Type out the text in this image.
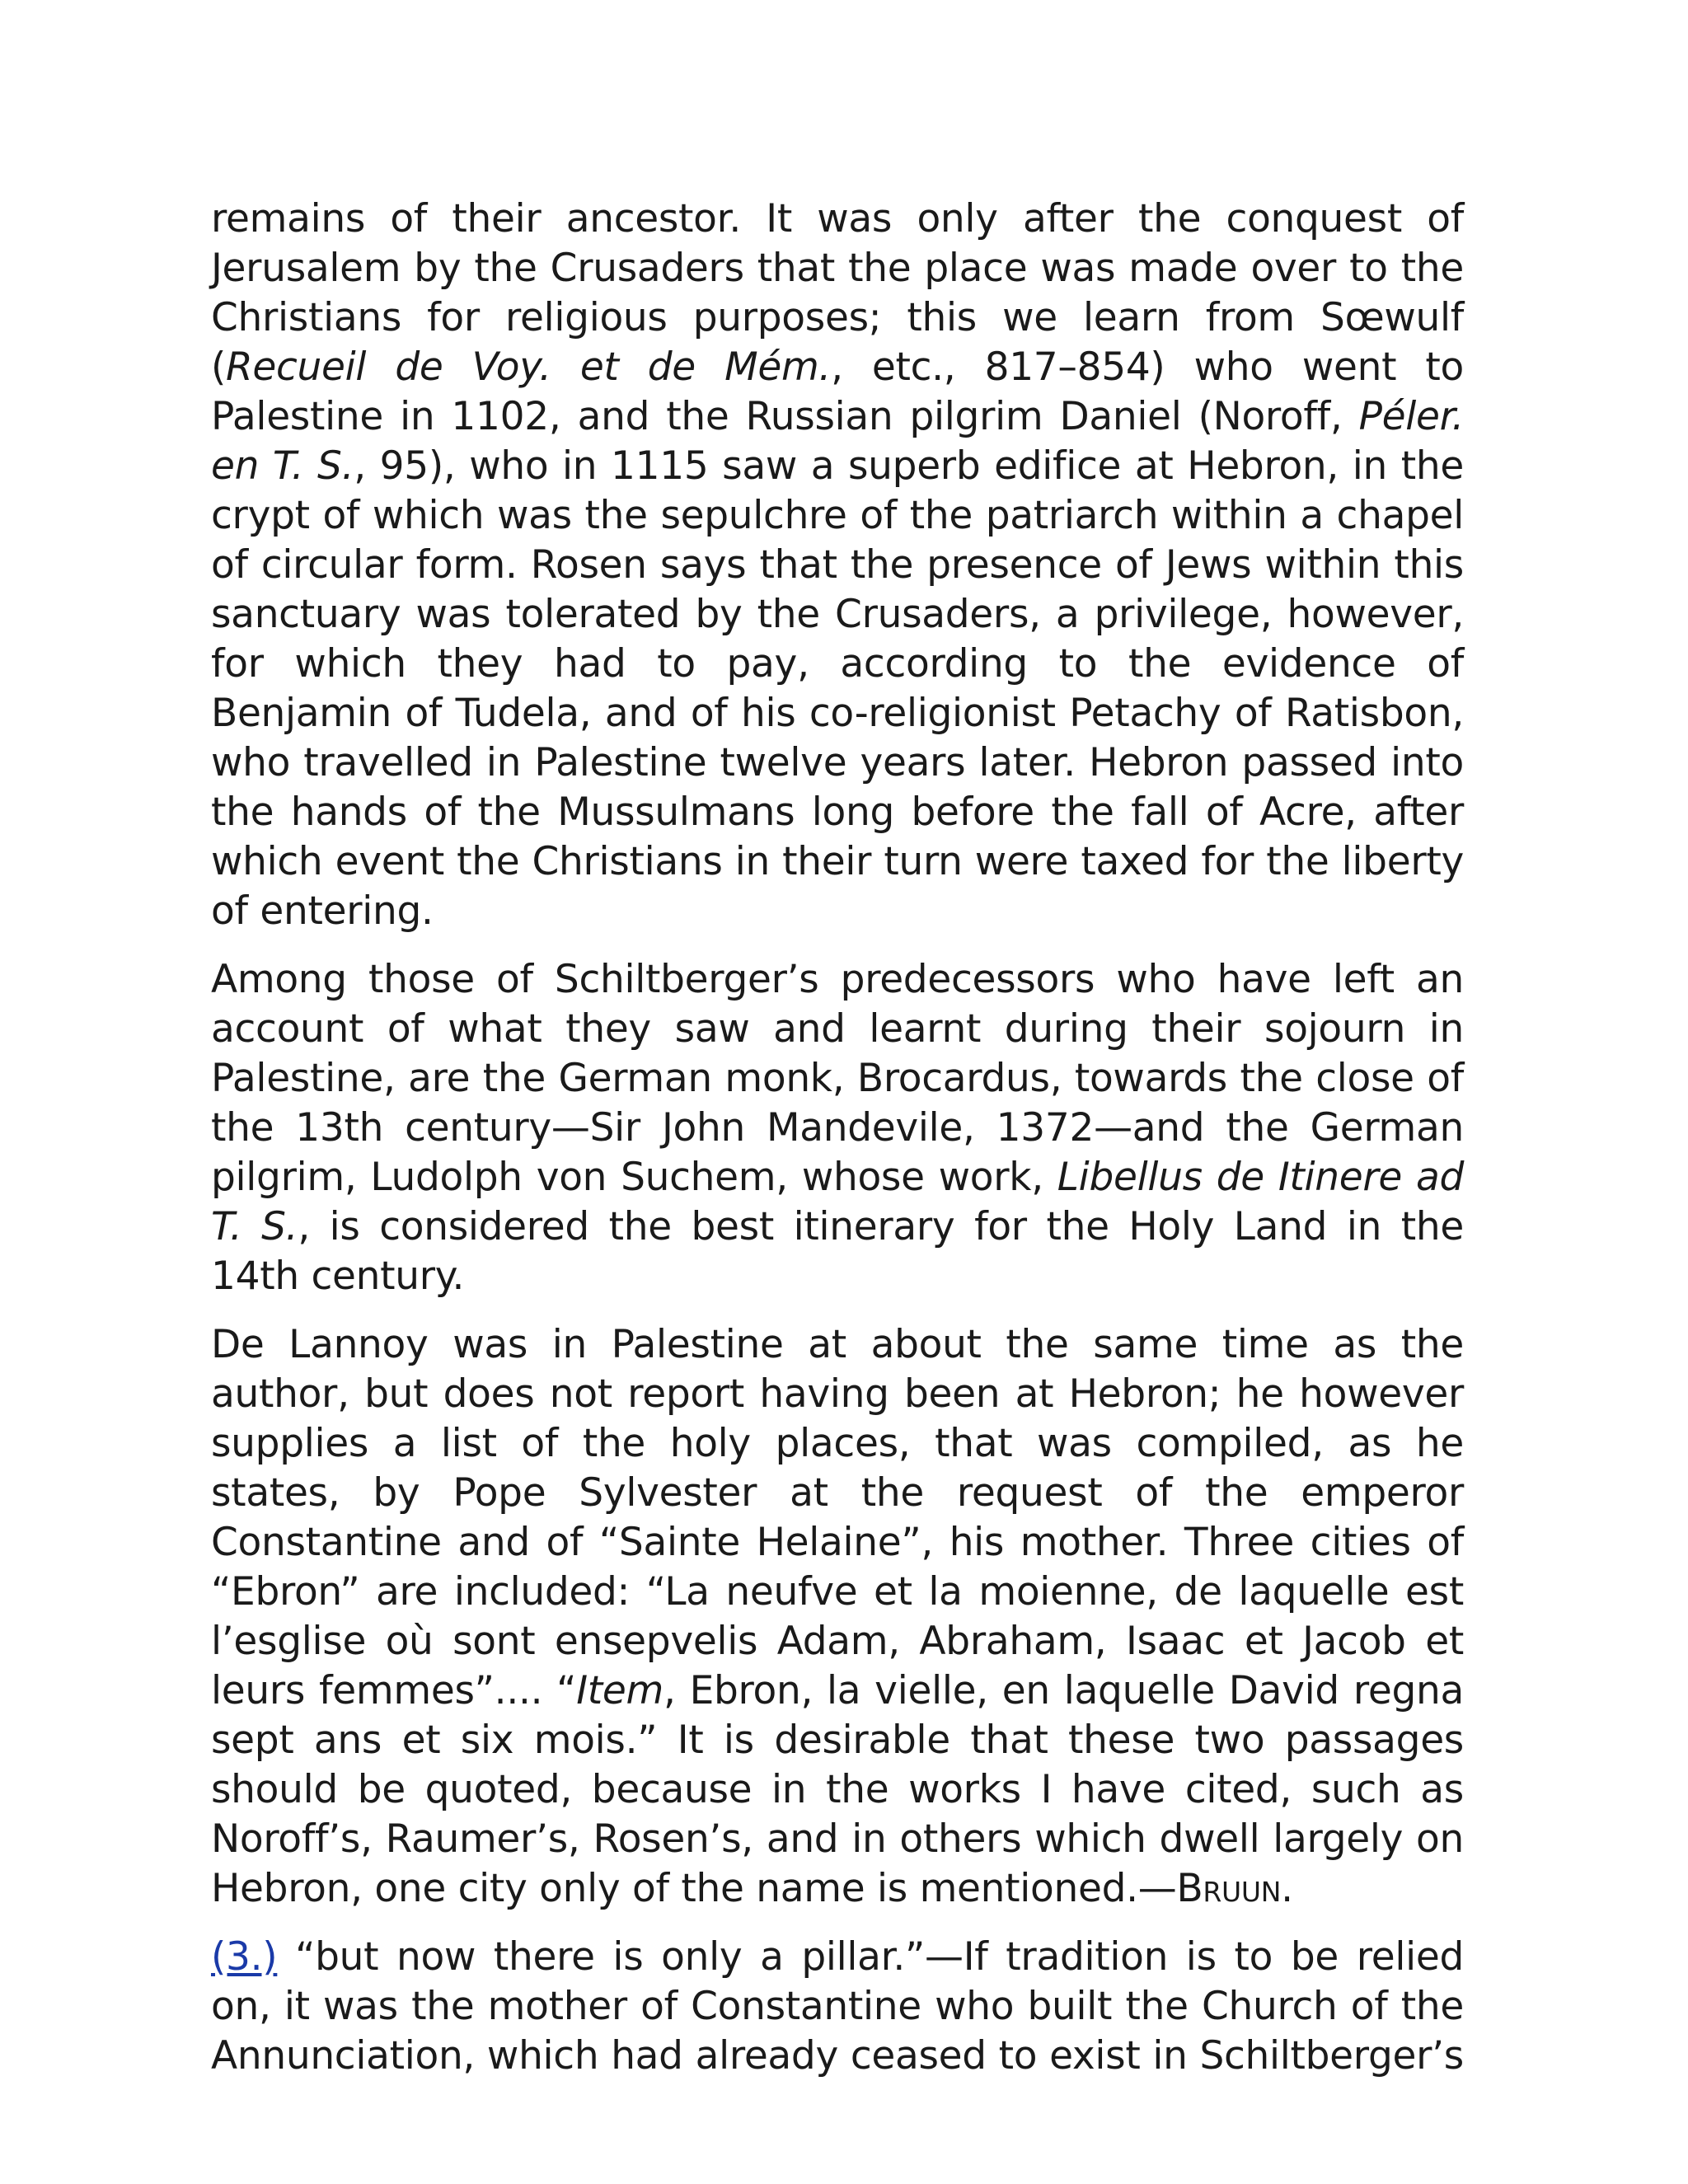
remains of their ancestor. It was only after the conquest of Jerusalem by the Crusaders that the place was made over to the Christians for religious purposes; this we learn from Sœwulf (Recueil de Voy. et de Mém., etc., 817–854) who went to Palestine in 1102, and the Russian pilgrim Daniel (Noroff, Péler. en T. S., 95), who in 1115 saw a superb edifice at Hebron, in the crypt of which was the sepulchre of the patriarch within a chapel of circular form. Rosen says that the presence of Jews within this sanctuary was tolerated by the Crusaders, a privilege, however, for which they had to pay, according to the evidence of Benjamin of Tudela, and of his co-religionist Petachy of Ratisbon, who travelled in Palestine twelve years later. Hebron passed into the hands of the Mussulmans long before the fall of Acre, after which event the Christians in their turn were taxed for the liberty of entering.

Among those of Schiltberger’s predecessors who have left an account of what they saw and learnt during their sojourn in Palestine, are the German monk, Brocardus, towards the close of the 13th century—Sir John Mandevile, 1372—and the German pilgrim, Ludolph von Suchem, whose work, Libellus de Itinere ad T. S., is considered the best itinerary for the Holy Land in the 14th century.

De Lannoy was in Palestine at about the same time as the author, but does not report having been at Hebron; he however supplies a list of the holy places, that was compiled, as he states, by Pope Sylvester at the request of the emperor Constantine and of “Sainte Helaine”, his mother. Three cities of “Ebron” are included: “La neufve et la moienne, de laquelle est l’esglise où sont ensepvelis Adam, Abraham, Isaac et Jacob et leurs femmes”.... “Item, Ebron, la vielle, en laquelle David regna sept ans et six mois.” It is desirable that these two passages should be quoted, because in the works I have cited, such as Noroff’s, Raumer’s, Rosen’s, and in others which dwell largely on Hebron, one city only of the name is mentioned.—Bruun.

(3.) “but now there is only a pillar.”—If tradition is to be relied on, it was the mother of Constantine who built the Church of the Annunciation, which had already ceased to exist in Schiltberger’s
